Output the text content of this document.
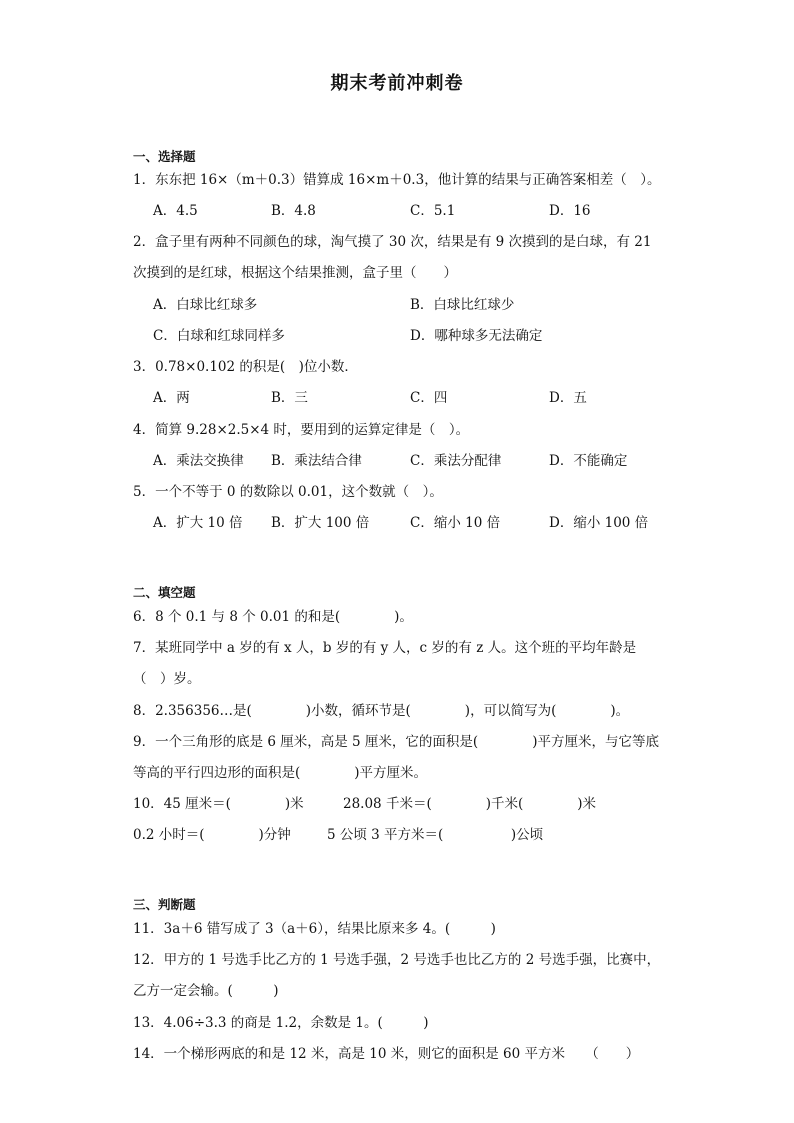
期末考前冲刺卷
一、选择题
1．东东把 16×（m＋0.3）错算成 16×m＋0.3，他计算的结果与正确答案相差（　）。
A．4.5	B．4.8	C．5.1	D．16
2．盒子里有两种不同颜色的球，淘气摸了 30 次，结果是有 9 次摸到的是白球，有 21
次摸到的是红球，根据这个结果推测，盒子里（　　）
A．白球比红球多	B．白球比红球少
C．白球和红球同样多	D．哪种球多无法确定
3．0.78×0.102 的积是(　)位小数．
A．两	B．三	C．四	D．五
4．简算 9.28×2.5×4 时，要用到的运算定律是（　）。
A．乘法交换律 B．乘法结合律	C．乘法分配律	D．不能确定
5．一个不等于 0 的数除以 0.01，这个数就（　）。
A．扩大 10 倍 B．扩大 100 倍	C．缩小 10 倍	D．缩小 100 倍
二、填空题
6．8 个 0.1 与 8 个 0.01 的和是(　　　　)。
7．某班同学中 a 岁的有 x 人，b 岁的有 y 人，c 岁的有 z 人。这个班的平均年龄是
（　）岁。
8．2.356356…是(　　　　)小数，循环节是(　　　　)，可以简写为(　　　　)。
9．一个三角形的底是 6 厘米，高是 5 厘米，它的面积是(　　　　)平方厘米，与它等底
等高的平行四边形的面积是(　　　　)平方厘米。
10．45 厘米＝(　　　　)米	28.08 千米＝(　　　　)千米(　　　　)米
0.2 小时＝(　　　　)分钟	5 公顷 3 平方米＝(　　　　　)公顷
三、判断题
11．3a＋6 错写成了 3（a＋6），结果比原来多 4。(　　　)
12．甲方的 1 号选手比乙方的 1 号选手强，2 号选手也比乙方的 2 号选手强，比赛中，
乙方一定会输。(　　　)
13．4.06÷3.3 的商是 1.2，余数是 1。(　　　)
14．一个梯形两底的和是 12 米，高是 10 米，则它的面积是 60 平方米　　（　　）
